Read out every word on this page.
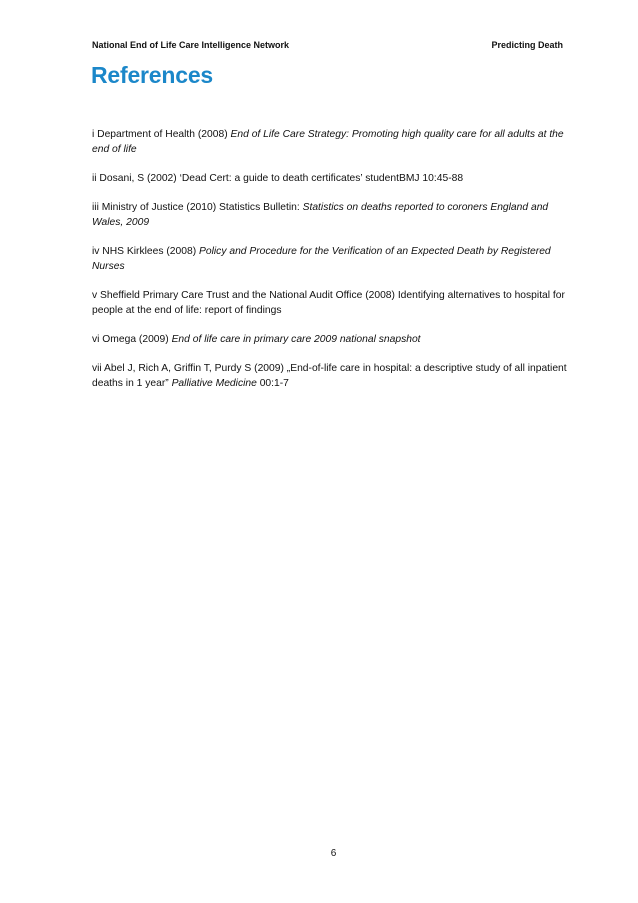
National End of Life Care Intelligence Network	Predicting Death
References
i Department of Health (2008) End of Life Care Strategy: Promoting high quality care for all adults at the end of life
ii Dosani, S (2002) ‘Dead Cert: a guide to death certificates’ studentBMJ 10:45-88
iii Ministry of Justice (2010) Statistics Bulletin: Statistics on deaths reported to coroners England and Wales, 2009
iv NHS Kirklees (2008) Policy and Procedure for the Verification of an Expected Death by Registered Nurses
v Sheffield Primary Care Trust and the National Audit Office (2008) Identifying alternatives to hospital for people at the end of life: report of findings
vi Omega (2009) End of life care in primary care 2009 national snapshot
vii Abel J, Rich A, Griffin T, Purdy S (2009) „End-of-life care in hospital: a descriptive study of all inpatient deaths in 1 year” Palliative Medicine 00:1-7
6
